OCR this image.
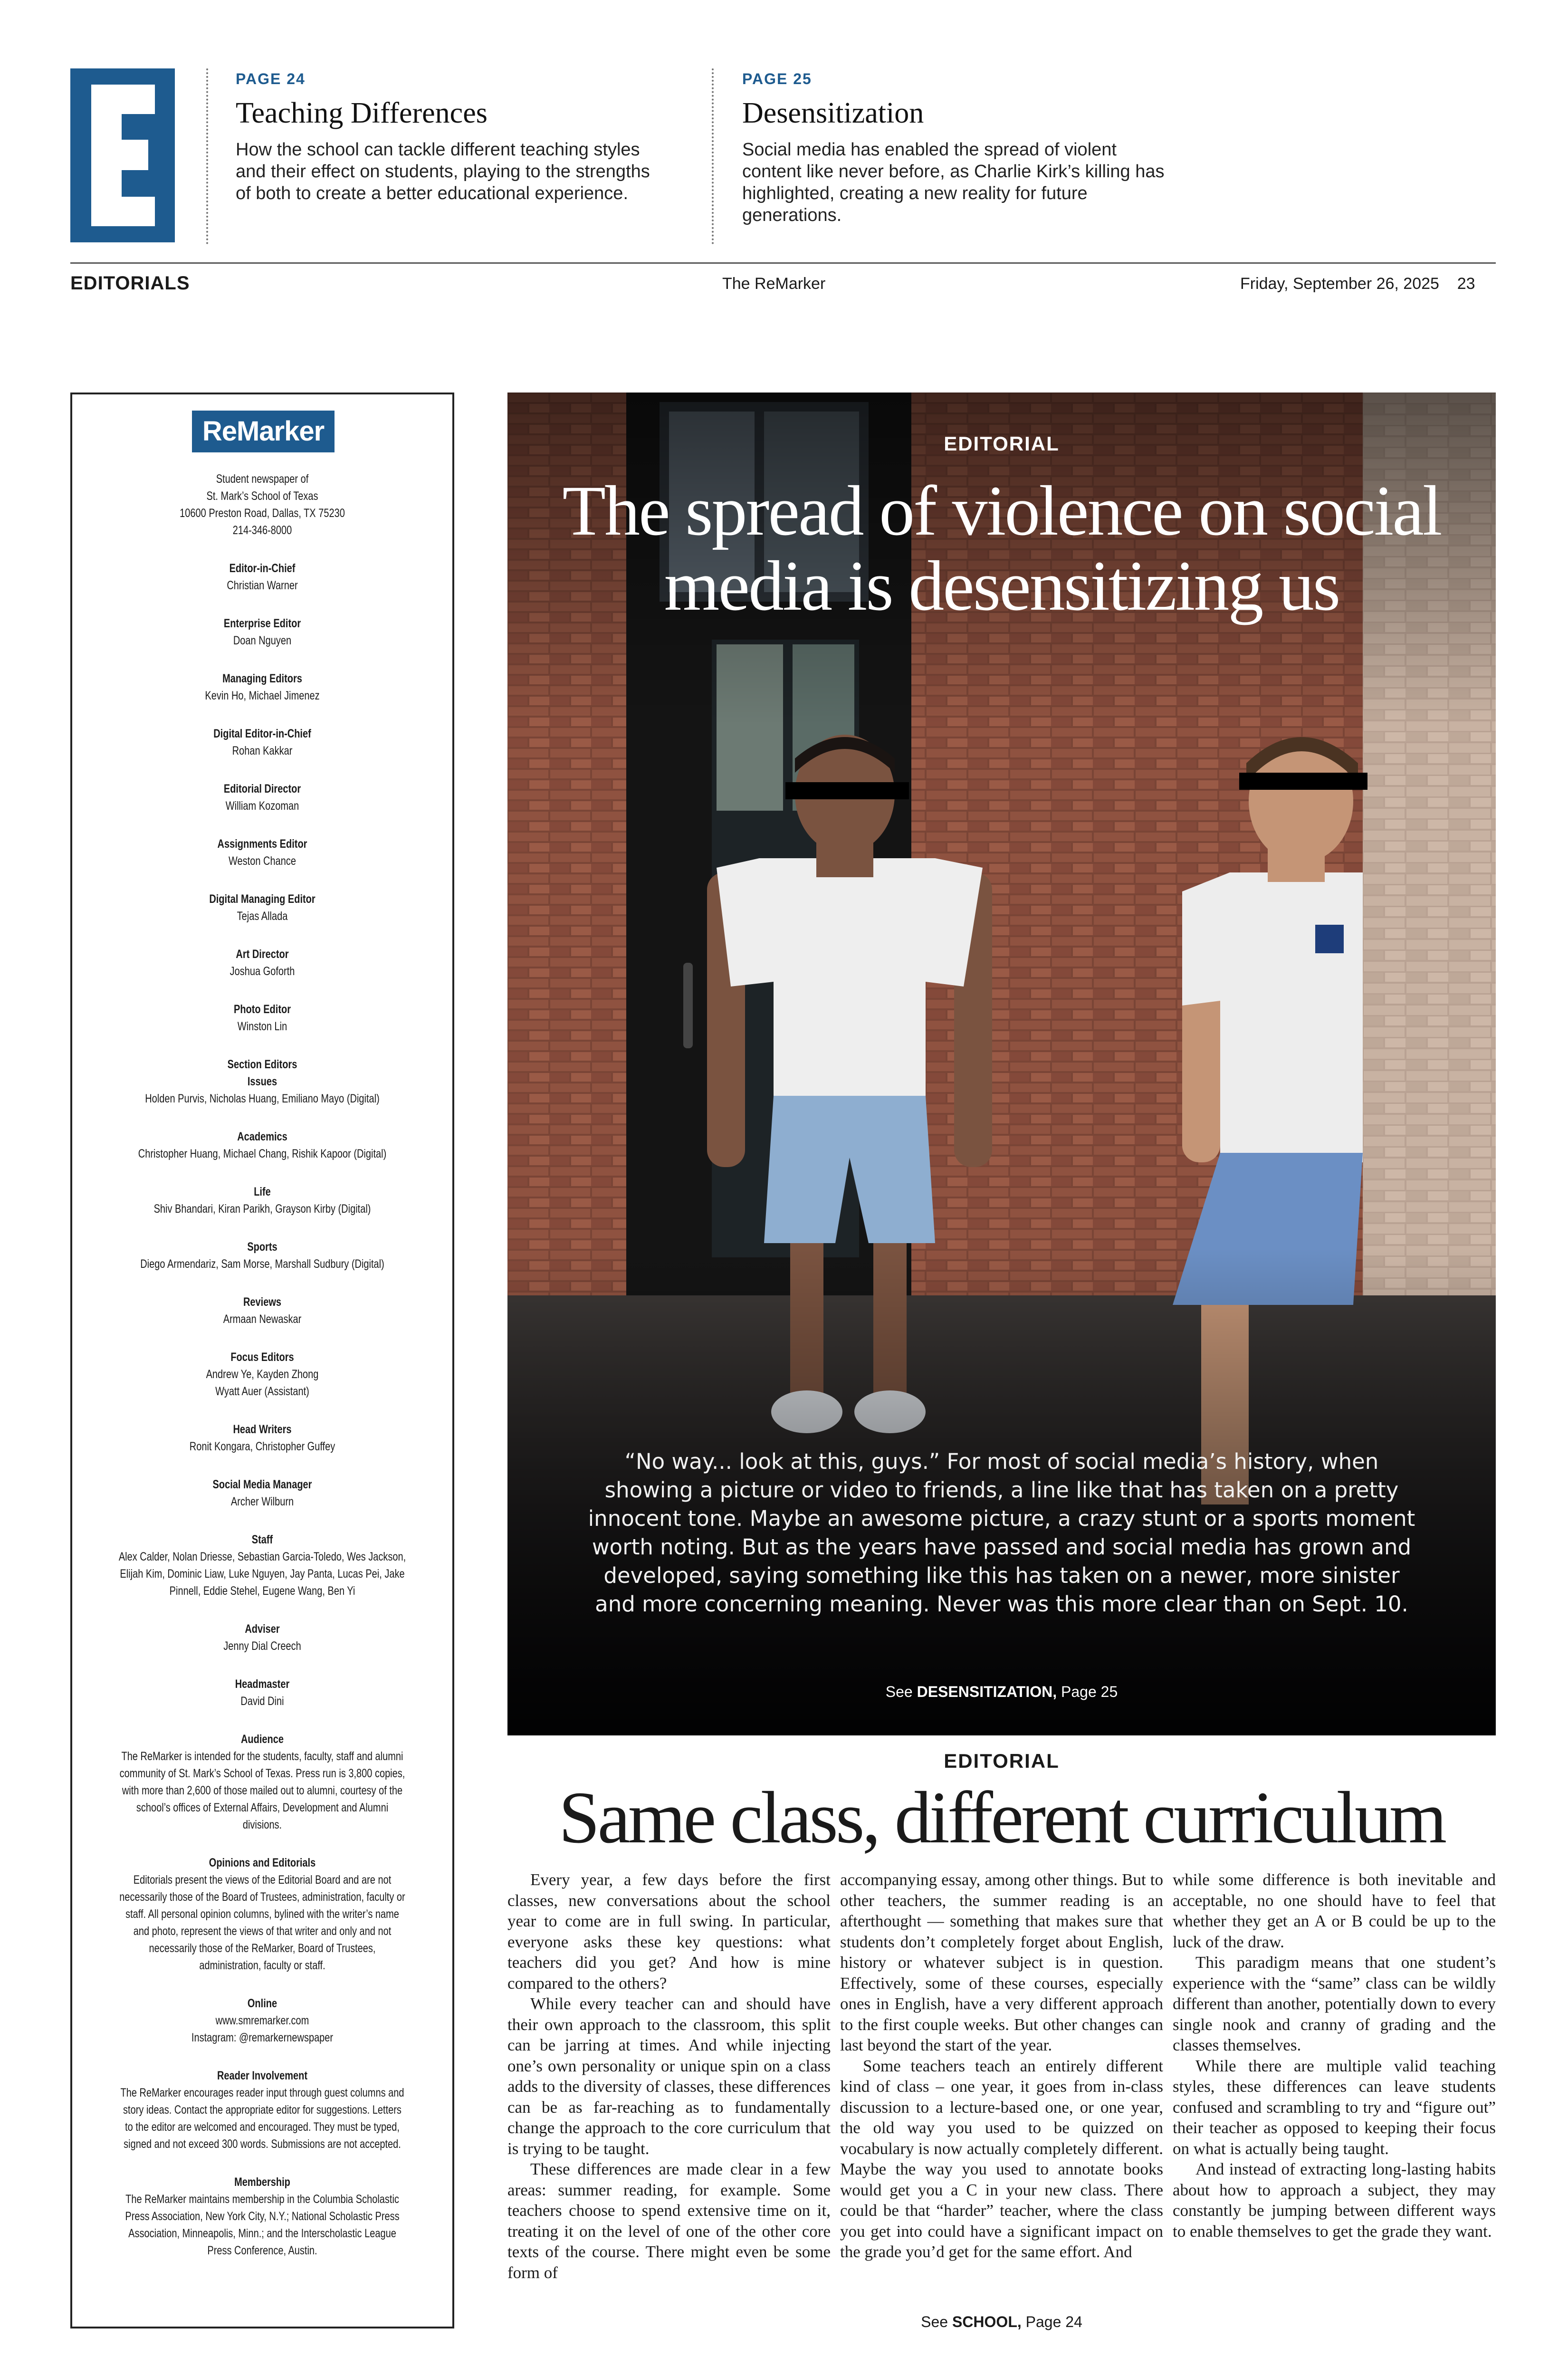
PAGE 24
Teaching Differences
How the school can tackle different teaching styles and their effect on students, playing to the strengths of both to create a better educational experience.
PAGE 25
Desensitization
Social media has enabled the spread of violent content like never before, as Charlie Kirk’s killing has highlighted, creating a new reality for future generations.
EDITORIALS	The ReMarker	Friday, September 26, 2025    23
ReMarker
Student newspaper of
St. Mark’s School of Texas
10600 Preston Road, Dallas, TX 75230
214-346-8000
Editor-in-Chief
Christian Warner
Enterprise Editor
Doan Nguyen
Managing Editors
Kevin Ho, Michael Jimenez
Digital Editor-in-Chief
Rohan Kakkar
Editorial Director
William Kozoman
Assignments Editor
Weston Chance
Digital Managing Editor
Tejas Allada
Art Director
Joshua Goforth
Photo Editor
Winston Lin
Section Editors
Issues
Holden Purvis, Nicholas Huang, Emiliano Mayo (Digital)
Academics
Christopher Huang, Michael Chang, Rishik Kapoor (Digital)
Life
Shiv Bhandari, Kiran Parikh, Grayson Kirby (Digital)
Sports
Diego Armendariz, Sam Morse, Marshall Sudbury (Digital)
Reviews
Armaan Newaskar
Focus Editors
Andrew Ye, Kayden Zhong
Wyatt Auer (Assistant)
Head Writers
Ronit Kongara, Christopher Guffey
Social Media Manager
Archer Wilburn
Staff
Alex Calder, Nolan Driesse, Sebastian Garcia-Toledo, Wes Jackson, Elijah Kim, Dominic Liaw, Luke Nguyen, Jay Panta, Lucas Pei, Jake Pinnell, Eddie Stehel, Eugene Wang, Ben Yi
Adviser
Jenny Dial Creech
Headmaster
David Dini
Audience
The ReMarker is intended for the students, faculty, staff and alumni community of St. Mark’s School of Texas. Press run is 3,800 copies, with more than 2,600 of those mailed out to alumni, courtesy of the school’s offices of External Affairs, Development and Alumni divisions.
Opinions and Editorials
Editorials present the views of the Editorial Board and are not necessarily those of the Board of Trustees, administration, faculty or staff. All personal opinion columns, bylined with the writer’s name and photo, represent the views of that writer and only and not necessarily those of the ReMarker, Board of Trustees, administration, faculty or staff.
Online
www.smremarker.com
Instagram: @remarkernewspaper
Reader Involvement
The ReMarker encourages reader input through guest columns and story ideas. Contact the appropriate editor for suggestions. Letters to the editor are welcomed and encouraged. They must be typed, signed and not exceed 300 words. Submissions are not accepted.
Membership
The ReMarker maintains membership in the Columbia Scholastic Press Association, New York City, N.Y.; National Scholastic Press Association, Minneapolis, Minn.; and the Interscholastic League Press Conference, Austin.
EDITORIAL
The spread of violence on social media is desensitizing us
“No way... look at this, guys.” For most of social media’s history, when showing a picture or video to friends, a line like that has taken on a pretty innocent tone. Maybe an awesome picture, a crazy stunt or a sports moment worth noting. But as the years have passed and social media has grown and developed, saying something like this has taken on a newer, more sinister and more concerning meaning. Never was this more clear than on Sept. 10.
See DESENSITIZATION, Page 25
EDITORIAL
Same class, different curriculum

Every year, a few days before the first classes, new conversations about the school year to come are in full swing. In particular, everyone asks these key questions: what teachers did you get? And how is mine compared to the others?

While every teacher can and should have their own approach to the classroom, this split can be jarring at times. And while injecting one’s own personality or unique spin on a class adds to the diversity of classes, these differences can be as far-reaching as to fundamentally change the approach to the core curriculum that is trying to be taught.

These differences are made clear in a few areas: summer reading, for example. Some teachers choose to spend extensive time on it, treating it on the level of one of the other core texts of the course. There might even be some form of

accompanying essay, among other things. But to other teachers, the summer reading is an afterthought — something that makes sure that students don’t completely forget about English, history or whatever subject is in question. Effectively, some of these courses, especially ones in English, have a very different approach to the first couple weeks. But other changes can last beyond the start of the year.

Some teachers teach an entirely different kind of class – one year, it goes from in-class discussion to a lecture-based one, or one year, the old way you used to be quizzed on vocabulary is now actually completely different. Maybe the way you used to annotate books would get you a C in your new class. There could be that “harder” teacher, where the class you get into could have a significant impact on the grade you’d get for the same effort. And

while some difference is both inevitable and acceptable, no one should have to feel that whether they get an A or B could be up to the luck of the draw.

This paradigm means that one student’s experience with the “same” class can be wildly different than another, potentially down to every single nook and cranny of grading and the classes themselves.

While there are multiple valid teaching styles, these differences can leave students confused and scrambling to try and “figure out” their teacher as opposed to keeping their focus on what is actually being taught.

And instead of extracting long-lasting habits about how to approach a subject, they may constantly be jumping between different ways to enable themselves to get the grade they want.

See SCHOOL, Page 24
